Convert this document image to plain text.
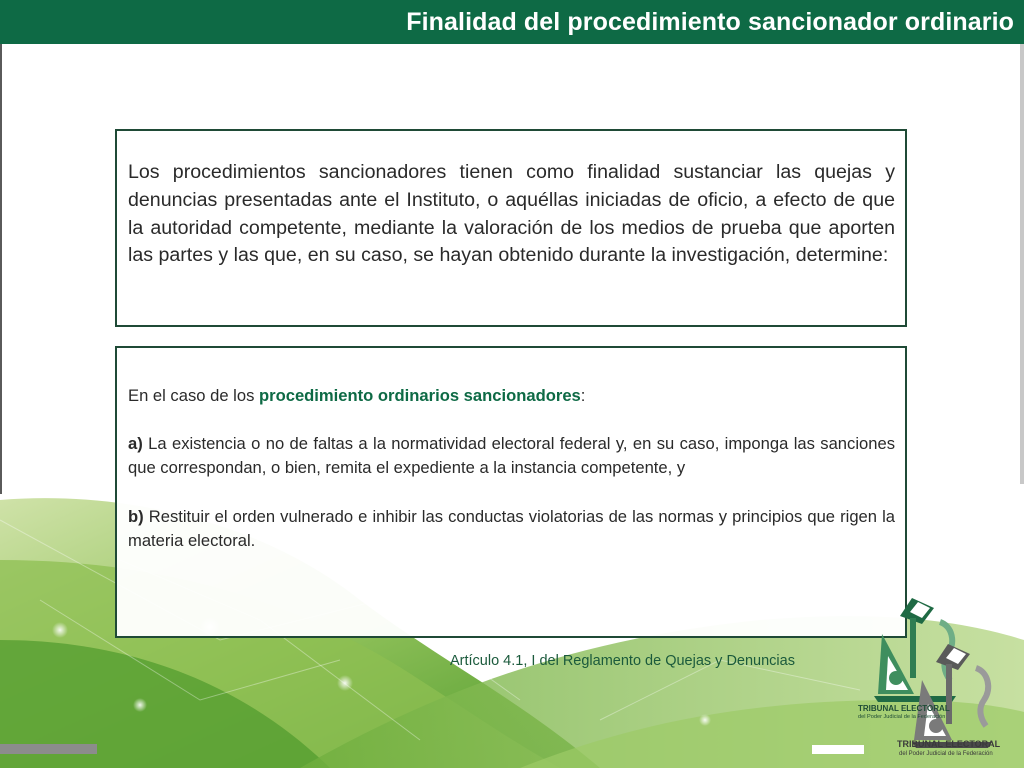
Finalidad del procedimiento sancionador ordinario

Los procedimientos sancionadores tienen como finalidad sustanciar las quejas y denuncias presentadas ante el Instituto, o aquéllas iniciadas de oficio, a efecto de que la autoridad competente, mediante la valoración de los medios de prueba que aporten las partes y las que, en su caso, se hayan obtenido durante la investigación, determine:

En el caso de los procedimiento ordinarios sancionadores:

a) La existencia o no de faltas a la normatividad electoral federal y, en su caso, imponga las sanciones que correspondan, o bien, remita el expediente a la instancia competente, y

b) Restituir el orden vulnerado e inhibir las conductas violatorias de las normas y principios que rigen la materia electoral.

Artículo 4.1, I del Reglamento de Quejas y Denuncias
TRIBUNAL ELECTORAL
del Poder Judicial de la Federación
TRIBUNAL ELECTORAL
del Poder Judicial de la Federación
